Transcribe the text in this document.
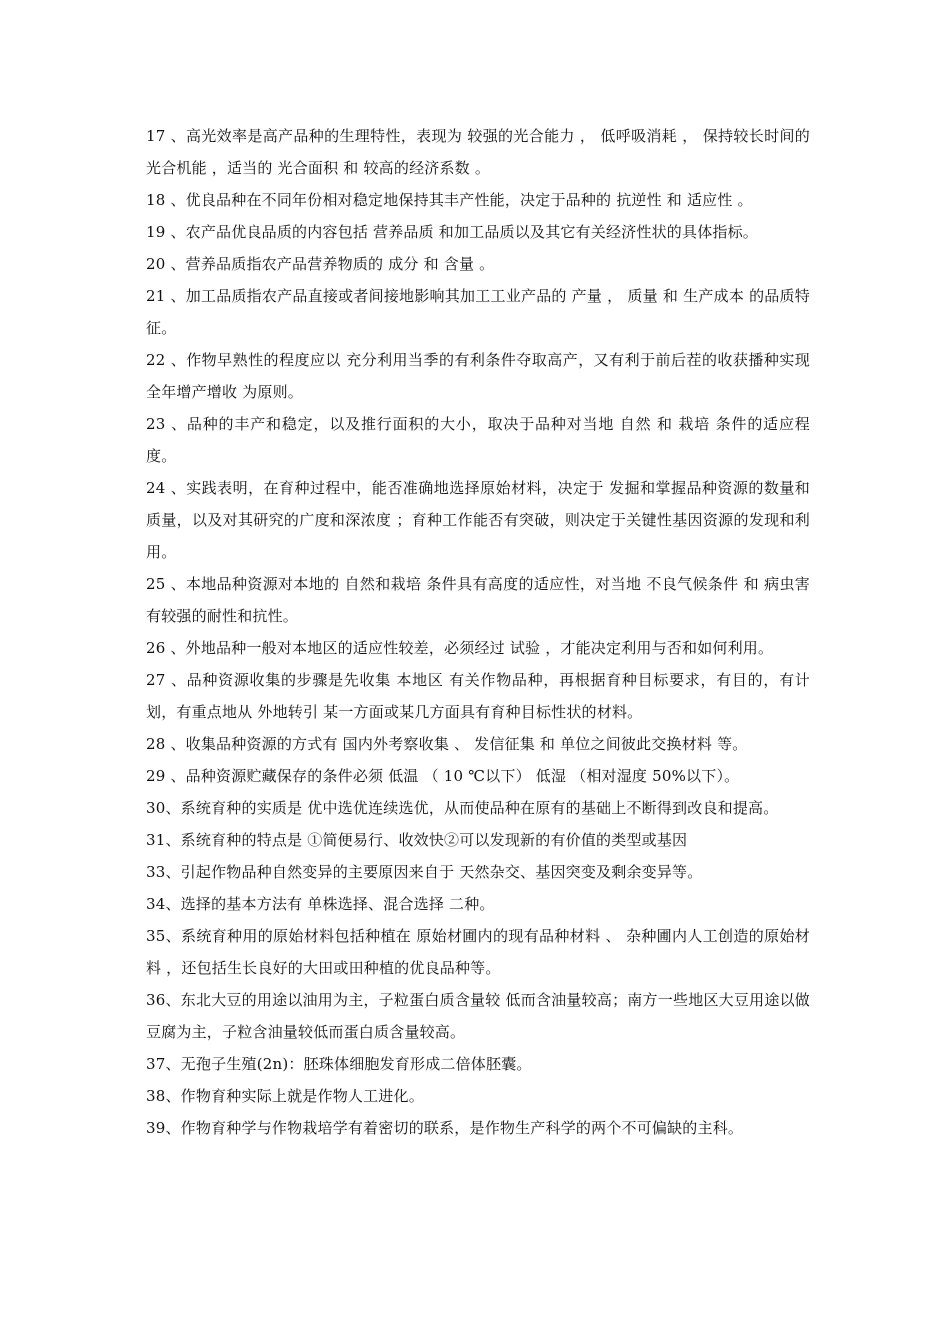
17 、高光效率是高产品种的生理特性，表现为 较强的光合能力 ， 低呼吸消耗 ， 保持较长时间的光合机能 ，适当的 光合面积 和 较高的经济系数 。

18 、优良品种在不同年份相对稳定地保持其丰产性能，决定于品种的 抗逆性 和 适应性 。

19 、农产品优良品质的内容包括 营养品质 和加工品质以及其它有关经济性状的具体指标。

20 、营养品质指农产品营养物质的 成分 和 含量 。

21 、加工品质指农产品直接或者间接地影响其加工工业产品的 产量 ， 质量 和 生产成本 的品质特征。

22 、作物早熟性的程度应以 充分利用当季的有利条件夺取高产，又有利于前后茬的收获播种实现全年增产增收 为原则。

23 、品种的丰产和稳定，以及推行面积的大小，取决于品种对当地 自然 和 栽培 条件的适应程度。

24 、实践表明，在育种过程中，能否准确地选择原始材料，决定于 发掘和掌握品种资源的数量和质量，以及对其研究的广度和深浓度 ；育种工作能否有突破，则决定于关键性基因资源的发现和利用。

25 、本地品种资源对本地的 自然和栽培 条件具有高度的适应性，对当地 不良气候条件 和 病虫害 有较强的耐性和抗性。

26 、外地品种一般对本地区的适应性较差，必须经过 试验 ，才能决定利用与否和如何利用。

27 、品种资源收集的步骤是先收集 本地区 有关作物品种，再根据育种目标要求，有目的，有计划，有重点地从 外地转引 某一方面或某几方面具有育种目标性状的材料。

28 、收集品种资源的方式有 国内外考察收集 、 发信征集 和 单位之间彼此交换材料 等。

29 、品种资源贮藏保存的条件必须 低温 （ 10 ℃以下） 低湿 （相对湿度 50%以下）。

30、系统育种的实质是 优中选优连续选优，从而使品种在原有的基础上不断得到改良和提高。

31、系统育种的特点是 ①简便易行、收效快②可以发现新的有价值的类型或基因

33、引起作物品种自然变异的主要原因来自于 天然杂交、基因突变及剩余变异等。

34、选择的基本方法有 单株选择、混合选择 二种。

35、系统育种用的原始材料包括种植在 原始材圃内的现有品种材料 、 杂种圃内人工创造的原始材料 ，还包括生长良好的大田或田种植的优良品种等。

36、东北大豆的用途以油用为主，子粒蛋白质含量较 低而含油量较高；南方一些地区大豆用途以做豆腐为主，子粒含油量较低而蛋白质含量较高。

37、无孢子生殖(2n)：胚珠体细胞发育形成二倍体胚囊。

38、作物育种实际上就是作物人工进化。

39、作物育种学与作物栽培学有着密切的联系，是作物生产科学的两个不可偏缺的主科。
